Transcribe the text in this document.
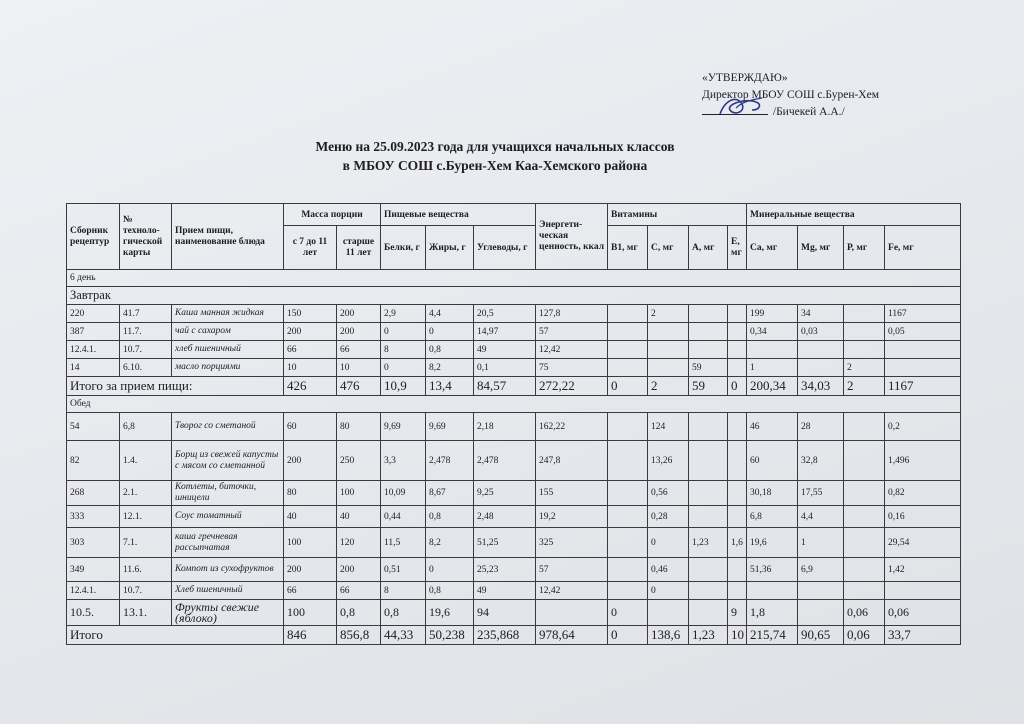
«УТВЕРЖДАЮ»
Директор МБОУ СОШ с.Бурен-Хем

/Бичекей А.А./
Меню на 25.09.2023 года для учащихся начальных классов
в МБОУ СОШ с.Бурен-Хем Каа-Хемского района
Сборник рецептур	№ техноло-гической карты	Прием пищи, наименование блюда	Масса порции		Пищевые вещества			Энергети-ческая ценность, ккал	Витамины				Минеральные вещества			
			с 7 до 11 лет	старше 11 лет	Белки, г	Жиры, г	Углеводы, г		B1, мг	С, мг	А, мг	Е, мг	Са, мг	Mg, мг	Р, мг	Fe, мг
6 день																
Завтрак																
220	41.7	Каша манная жидкая	150	200	2,9	4,4	20,5	127,8		2			199	34		1167
387	11.7.	чай с сахаром	200	200	0	0	14,97	57					0,34	0,03		0,05
12.4.1.	10.7.	хлеб пшеничный	66	66	8	0,8	49	12,42								
14	6.10.	масло порциями	10	10	0	8,2	0,1	75			59		1		2	
Итого за прием пищи:			426	476	10,9	13,4	84,57	272,22	0	2	59	0	200,34	34,03	2	1167
Обед																
54	6,8	Творог со сметаной	60	80	9,69	9,69	2,18	162,22		124			46	28		0,2
82	1.4.	Борщ из свежей капусты с мясом со сметанной	200	250	3,3	2,478	2,478	247,8		13,26			60	32,8		1,496
268	2.1.	Котлеты, биточки, шницели	80	100	10,09	8,67	9,25	155		0,56			30,18	17,55		0,82
333	12.1.	Соус томатный	40	40	0,44	0,8	2,48	19,2		0,28			6,8	4,4		0,16
303	7.1.	каша гречневая рассыпчатая	100	120	11,5	8,2	51,25	325		0	1,23	1,6	19,6	1		29,54
349	11.6.	Компот из сухофруктов	200	200	0,51	0	25,23	57		0,46			51,36	6,9		1,42
12.4.1.	10.7.	Хлеб пшеничный	66	66	8	0,8	49	12,42		0						
10.5.	13.1.	Фрукты свежие (яблоко)	100	0,8	0,8	19,6	94		0			9	1,8		0,06	0,06
Итого			846	856,8	44,33	50,238	235,868	978,64	0	138,6	1,23	10	215,74	90,65	0,06	33,7
